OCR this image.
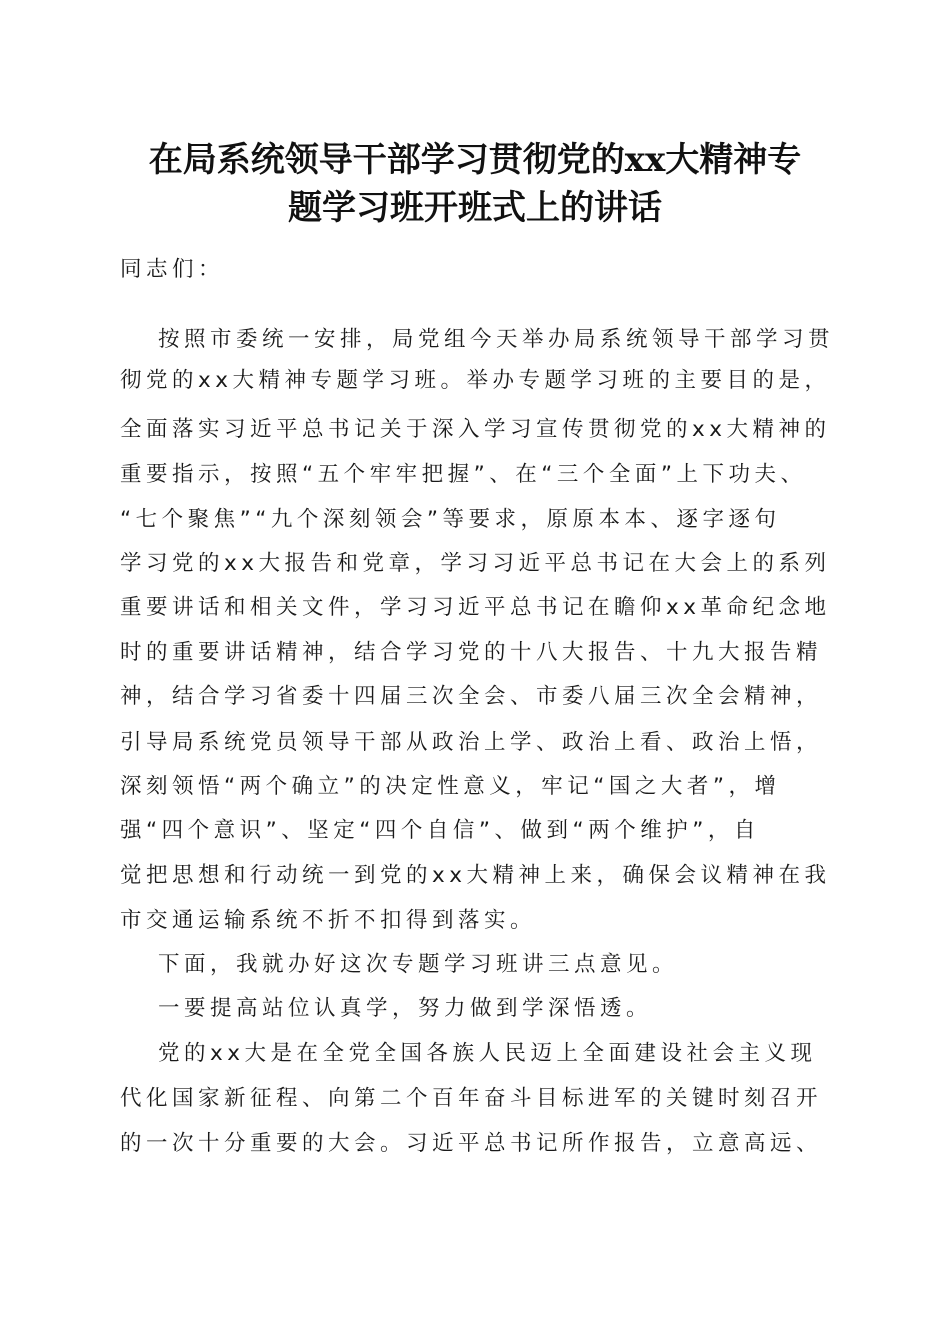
在局系统领导干部学习贯彻党的xx大精神专
题学习班开班式上的讲话
同志们：
按照市委统一安排，局党组今天举办局系统领导干部学习贯
彻党的xx大精神专题学习班。举办专题学习班的主要目的是，
全面落实习近平总书记关于深入学习宣传贯彻党的xx大精神的
重要指示，按照“五个牢牢把握”、在“三个全面”上下功夫、
“七个聚焦”“九个深刻领会”等要求，原原本本、逐字逐句
学习党的xx大报告和党章，学习习近平总书记在大会上的系列
重要讲话和相关文件，学习习近平总书记在瞻仰xx革命纪念地
时的重要讲话精神，结合学习党的十八大报告、十九大报告精
神，结合学习省委十四届三次全会、市委八届三次全会精神，
引导局系统党员领导干部从政治上学、政治上看、政治上悟，
深刻领悟“两个确立”的决定性意义，牢记“国之大者”，增
强“四个意识”、坚定“四个自信”、做到“两个维护”，自
觉把思想和行动统一到党的xx大精神上来，确保会议精神在我
市交通运输系统不折不扣得到落实。
下面，我就办好这次专题学习班讲三点意见。
一要提高站位认真学，努力做到学深悟透。
党的xx大是在全党全国各族人民迈上全面建设社会主义现
代化国家新征程、向第二个百年奋斗目标进军的关键时刻召开
的一次十分重要的大会。习近平总书记所作报告，立意高远、
